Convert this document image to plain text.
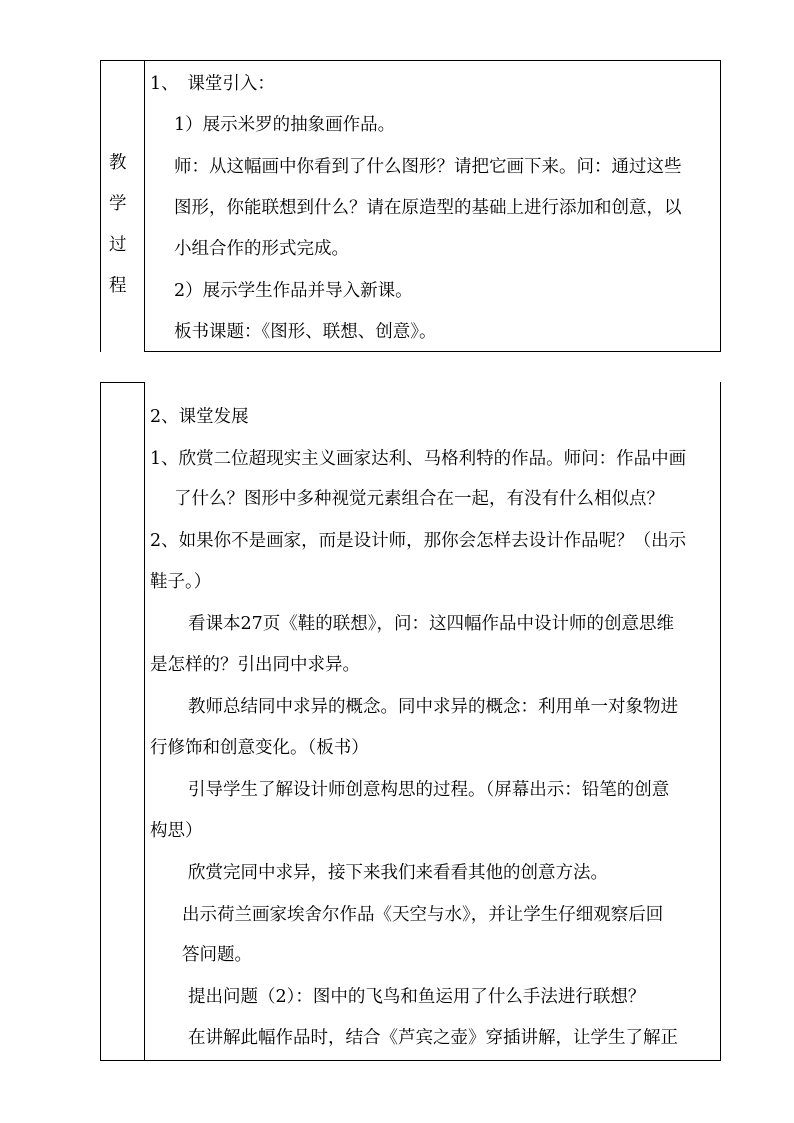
教
学
过
程
1、　课堂引入：
1）展示米罗的抽象画作品。
师：从这幅画中你看到了什么图形？请把它画下来。问：通过这些
图形，你能联想到什么？请在原造型的基础上进行添加和创意，以
小组合作的形式完成。
2）展示学生作品并导入新课。
板书课题：《图形、联想、创意》。
2、课堂发展
1、欣赏二位超现实主义画家达利、马格利特的作品。师问：作品中画
了什么？图形中多种视觉元素组合在一起，有没有什么相似点？
2、如果你不是画家，而是设计师，那你会怎样去设计作品呢？（出示
鞋子。）
看课本27页《鞋的联想》，问：这四幅作品中设计师的创意思维
是怎样的？引出同中求异。
教师总结同中求异的概念。同中求异的概念：利用单一对象物进
行修饰和创意变化。（板书）
引导学生了解设计师创意构思的过程。（屏幕出示：铅笔的创意
构思）
欣赏完同中求异，接下来我们来看看其他的创意方法。
出示荷兰画家埃舍尔作品《天空与水》，并让学生仔细观察后回
答问题。
提出问题（2）：图中的飞鸟和鱼运用了什么手法进行联想？
在讲解此幅作品时，结合《芦宾之壶》穿插讲解，让学生了解正
